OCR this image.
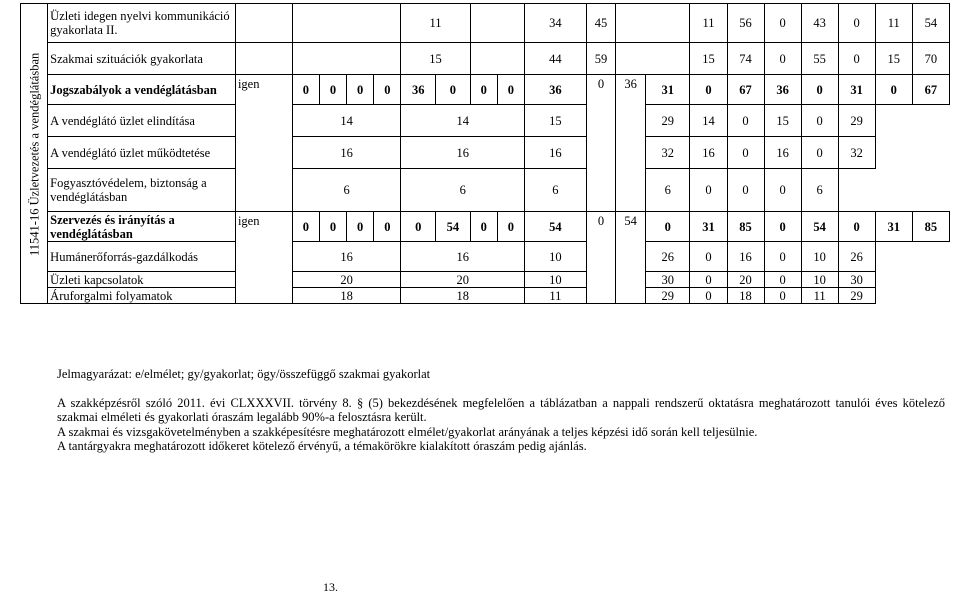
11541-16 Üzletvezetés a vendéglátásban	Üzleti idegen nyelvi kommunikáció gyakorlata II.						11				34	45			11	56	0	43	0	11	54
	Szakmai szituációk gyakorlata						15				44	59			15	74	0	55	0	15	70
	Jogszabályok a vendéglátásban	igen	0	0	0	0	36	0	0	0	36	0	36	31	0	67	36	0	31	0	67
	A vendéglátó üzlet elindítása		14				14				15			29	14	0	15	0	29		
	A vendéglátó üzlet működtetése		16				16				16			32	16	0	16	0	32		
	Fogyasztóvédelem, biztonság a vendéglátásban		6				6				6			6	0	0	0	6			
	Szervezés és irányítás a vendéglátásban	igen	0	0	0	0	0	54	0	0	54	0	54	0	31	85	0	54	0	31	85
	Humánerőforrás-gazdálkodás		16				16				10			26	0	16	0	10	26		
	Üzleti kapcsolatok		20				20				10			30	0	20	0	10	30		
	Áruforgalmi folyamatok		18				18				11			29	0	18	0	11	29		

Jelmagyarázat: e/elmélet; gy/gyakorlat; ögy/összefüggő szakmai gyakorlat

A szakképzésről szóló 2011. évi CLXXXVII. törvény 8. § (5) bekezdésének megfelelően a táblázatban a nappali rendszerű oktatásra meghatározott tanulói éves kötelező szakmai elméleti és gyakorlati óraszám legalább 90%-a felosztásra került.

A szakmai és vizsgakövetelményben a szakképesítésre meghatározott elmélet/gyakorlat arányának a teljes képzési idő során kell teljesülnie.

A tantárgyakra meghatározott időkeret kötelező érvényű, a témakörökre kialakított óraszám pedig ajánlás.

13.
